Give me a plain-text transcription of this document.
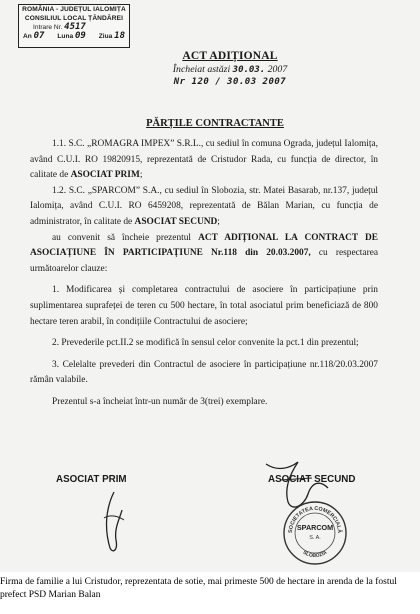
ROMÂNIA - JUDEȚUL IALOMIȚA
CONSILIUL LOCAL ȚĂNDĂREI
Intrare Nr. 4517
An 07 Luna 09 Ziua 18
ACT ADIȚIONAL
Încheiat astăzi 30.03. 2007
Nr 120 / 30.03 2007
PĂRȚILE CONTRACTANTE

1.1. S.C. „ROMAGRA IMPEX” S.R.L., cu sediul în comuna Ograda, județul Ialomița, având C.U.I. RO 19820915, reprezentată de Cristudor Rada, cu funcția de director, în calitate de ASOCIAT PRIM;

1.2. S.C. „SPARCOM” S.A., cu sediul în Slobozia, str. Matei Basarab, nr.137, județul Ialomița, având C.U.I. RO 6459208, reprezentată de Bălan Marian, cu funcția de administrator, în calitate de ASOCIAT SECUND;

au convenit să încheie prezentul ACT ADIȚIONAL LA CONTRACT DE ASOCIAȚIUNE ÎN PARTICIPAȚIUNE Nr.118 din 20.03.2007, cu respectarea următoarelor clauze:

1. Modificarea și completarea contractului de asociere în participațiune prin suplimentarea suprafeței de teren cu 500 hectare, în total asociatul prim beneficiază de 800 hectare teren arabil, în condițiile Contractului de asociere;

2. Prevederile pct.II.2 se modifică în sensul celor convenite la pct.1 din prezentul;

3. Celelalte prevederi din Contractul de asociere în participațiune nr.118/20.03.2007 rămân valabile.

Prezentul s-a încheiat într-un număr de 3(trei) exemplare.

ASOCIAT PRIM	ASOCIAT SECUND
SOCIETATEA COMERCIALĂ
SPARCOM
S. A.
SLOBOZIA
Firma de familie a lui Cristudor, reprezentata de sotie, mai primeste 500 de hectare in arenda de la fostul prefect PSD Marian Balan
